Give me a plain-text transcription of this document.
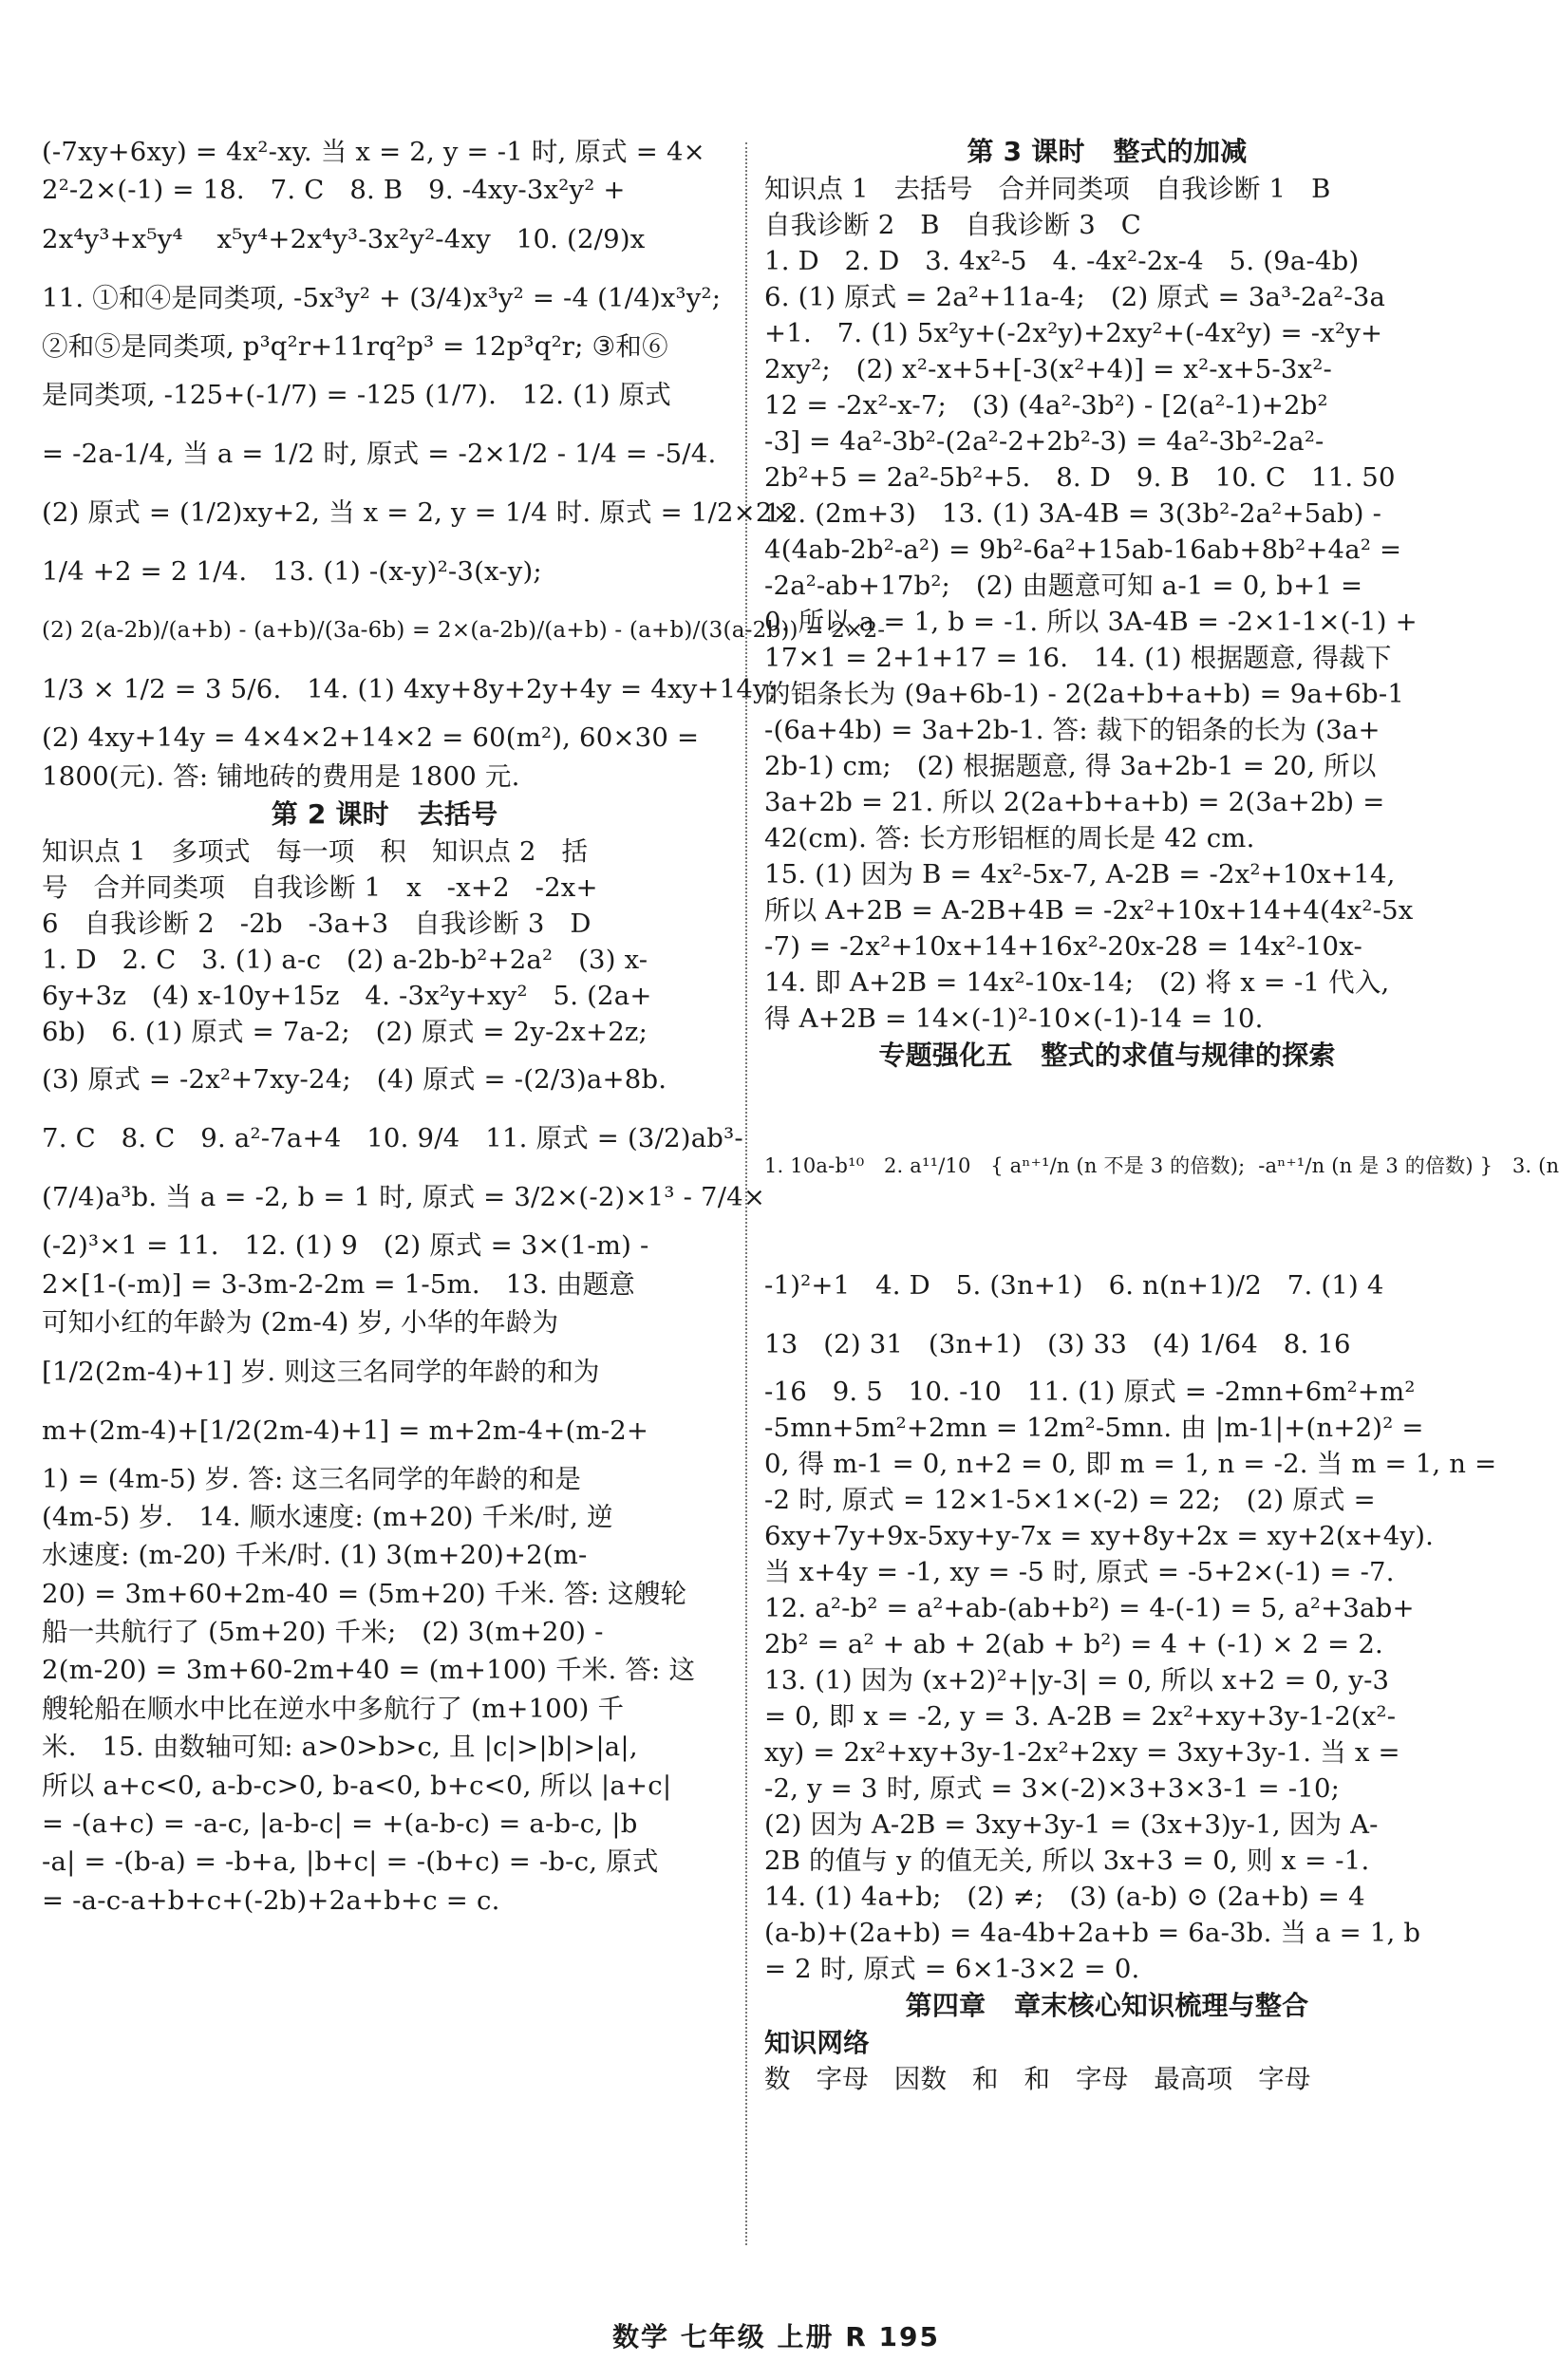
(-7xy+6xy) = 4x²-xy. 当 x = 2, y = -1 时, 原式 = 4×
2²-2×(-1) = 18.   7. C   8. B   9. -4xy-3x²y² +
2x⁴y³+x⁵y⁴    x⁵y⁴+2x⁴y³-3x²y²-4xy   10. (2/9)x
11. ①和④是同类项, -5x³y² + (3/4)x³y² = -4 (1/4)x³y²;
②和⑤是同类项, p³q²r+11rq²p³ = 12p³q²r; ③和⑥
是同类项, -125+(-1/7) = -125 (1/7).   12. (1) 原式
= -2a-1/4, 当 a = 1/2 时, 原式 = -2×1/2 - 1/4 = -5/4.
(2) 原式 = (1/2)xy+2, 当 x = 2, y = 1/4 时. 原式 = 1/2×2×
1/4 +2 = 2 1/4.   13. (1) -(x-y)²-3(x-y);
(2) 2(a-2b)/(a+b) - (a+b)/(3a-6b) = 2×(a-2b)/(a+b) - (a+b)/(3(a-2b)) = 2×2-
1/3 × 1/2 = 3 5/6.   14. (1) 4xy+8y+2y+4y = 4xy+14y;
(2) 4xy+14y = 4×4×2+14×2 = 60(m²), 60×30 =
1800(元). 答: 铺地砖的费用是 1800 元.
第 2 课时   去括号
知识点 1   多项式   每一项   积   知识点 2   括
号   合并同类项   自我诊断 1   x   -x+2   -2x+
6   自我诊断 2   -2b   -3a+3   自我诊断 3   D
1. D   2. C   3. (1) a-c   (2) a-2b-b²+2a²   (3) x-
6y+3z   (4) x-10y+15z   4. -3x²y+xy²   5. (2a+
6b)   6. (1) 原式 = 7a-2;   (2) 原式 = 2y-2x+2z;
(3) 原式 = -2x²+7xy-24;   (4) 原式 = -(2/3)a+8b.
7. C   8. C   9. a²-7a+4   10. 9/4   11. 原式 = (3/2)ab³-
(7/4)a³b. 当 a = -2, b = 1 时, 原式 = 3/2×(-2)×1³ - 7/4×
(-2)³×1 = 11.   12. (1) 9   (2) 原式 = 3×(1-m) -
2×[1-(-m)] = 3-3m-2-2m = 1-5m.   13. 由题意
可知小红的年龄为 (2m-4) 岁, 小华的年龄为
[1/2(2m-4)+1] 岁. 则这三名同学的年龄的和为
m+(2m-4)+[1/2(2m-4)+1] = m+2m-4+(m-2+
1) = (4m-5) 岁. 答: 这三名同学的年龄的和是
(4m-5) 岁.   14. 顺水速度: (m+20) 千米/时, 逆
水速度: (m-20) 千米/时. (1) 3(m+20)+2(m-
20) = 3m+60+2m-40 = (5m+20) 千米. 答: 这艘轮
船一共航行了 (5m+20) 千米;   (2) 3(m+20) -
2(m-20) = 3m+60-2m+40 = (m+100) 千米. 答: 这
艘轮船在顺水中比在逆水中多航行了 (m+100) 千
米.   15. 由数轴可知: a>0>b>c, 且 |c|>|b|>|a|,
所以 a+c<0, a-b-c>0, b-a<0, b+c<0, 所以 |a+c|
= -(a+c) = -a-c, |a-b-c| = +(a-b-c) = a-b-c, |b
-a| = -(b-a) = -b+a, |b+c| = -(b+c) = -b-c, 原式
= -a-c-a+b+c+(-2b)+2a+b+c = c.
第 3 课时   整式的加减
知识点 1   去括号   合并同类项   自我诊断 1   B
自我诊断 2   B   自我诊断 3   C
1. D   2. D   3. 4x²-5   4. -4x²-2x-4   5. (9a-4b)
6. (1) 原式 = 2a²+11a-4;   (2) 原式 = 3a³-2a²-3a
+1.   7. (1) 5x²y+(-2x²y)+2xy²+(-4x²y) = -x²y+
2xy²;   (2) x²-x+5+[-3(x²+4)] = x²-x+5-3x²-
12 = -2x²-x-7;   (3) (4a²-3b²) - [2(a²-1)+2b²
-3] = 4a²-3b²-(2a²-2+2b²-3) = 4a²-3b²-2a²-
2b²+5 = 2a²-5b²+5.   8. D   9. B   10. C   11. 50
12. (2m+3)   13. (1) 3A-4B = 3(3b²-2a²+5ab) -
4(4ab-2b²-a²) = 9b²-6a²+15ab-16ab+8b²+4a² =
-2a²-ab+17b²;   (2) 由题意可知 a-1 = 0, b+1 =
0. 所以 a = 1, b = -1. 所以 3A-4B = -2×1-1×(-1) +
17×1 = 2+1+17 = 16.   14. (1) 根据题意, 得裁下
的铝条长为 (9a+6b-1) - 2(2a+b+a+b) = 9a+6b-1
-(6a+4b) = 3a+2b-1. 答: 裁下的铝条的长为 (3a+
2b-1) cm;   (2) 根据题意, 得 3a+2b-1 = 20, 所以
3a+2b = 21. 所以 2(2a+b+a+b) = 2(3a+2b) =
42(cm). 答: 长方形铝框的周长是 42 cm.
15. (1) 因为 B = 4x²-5x-7, A-2B = -2x²+10x+14,
所以 A+2B = A-2B+4B = -2x²+10x+14+4(4x²-5x
-7) = -2x²+10x+14+16x²-20x-28 = 14x²-10x-
14. 即 A+2B = 14x²-10x-14;   (2) 将 x = -1 代入,
得 A+2B = 14×(-1)²-10×(-1)-14 = 10.
专题强化五   整式的求值与规律的探索
1. 10a-b¹⁰   2. a¹¹/10   { aⁿ⁺¹/n (n 不是 3 的倍数);  -aⁿ⁺¹/n (n 是 3 的倍数) }   3. (n
-1)²+1   4. D   5. (3n+1)   6. n(n+1)/2   7. (1) 4
13   (2) 31   (3n+1)   (3) 33   (4) 1/64   8. 16
-16   9. 5   10. -10   11. (1) 原式 = -2mn+6m²+m²
-5mn+5m²+2mn = 12m²-5mn. 由 |m-1|+(n+2)² =
0, 得 m-1 = 0, n+2 = 0, 即 m = 1, n = -2. 当 m = 1, n =
-2 时, 原式 = 12×1-5×1×(-2) = 22;   (2) 原式 =
6xy+7y+9x-5xy+y-7x = xy+8y+2x = xy+2(x+4y).
当 x+4y = -1, xy = -5 时, 原式 = -5+2×(-1) = -7.
12. a²-b² = a²+ab-(ab+b²) = 4-(-1) = 5, a²+3ab+
2b² = a² + ab + 2(ab + b²) = 4 + (-1) × 2 = 2.
13. (1) 因为 (x+2)²+|y-3| = 0, 所以 x+2 = 0, y-3
= 0, 即 x = -2, y = 3. A-2B = 2x²+xy+3y-1-2(x²-
xy) = 2x²+xy+3y-1-2x²+2xy = 3xy+3y-1. 当 x =
-2, y = 3 时, 原式 = 3×(-2)×3+3×3-1 = -10;
(2) 因为 A-2B = 3xy+3y-1 = (3x+3)y-1, 因为 A-
2B 的值与 y 的值无关, 所以 3x+3 = 0, 则 x = -1.
14. (1) 4a+b;   (2) ≠;   (3) (a-b) ⊙ (2a+b) = 4
(a-b)+(2a+b) = 4a-4b+2a+b = 6a-3b. 当 a = 1, b
= 2 时, 原式 = 6×1-3×2 = 0.
第四章   章末核心知识梳理与整合
知识网络
数   字母   因数   和   和   字母   最高项   字母
数学 七年级 上册 R 195
